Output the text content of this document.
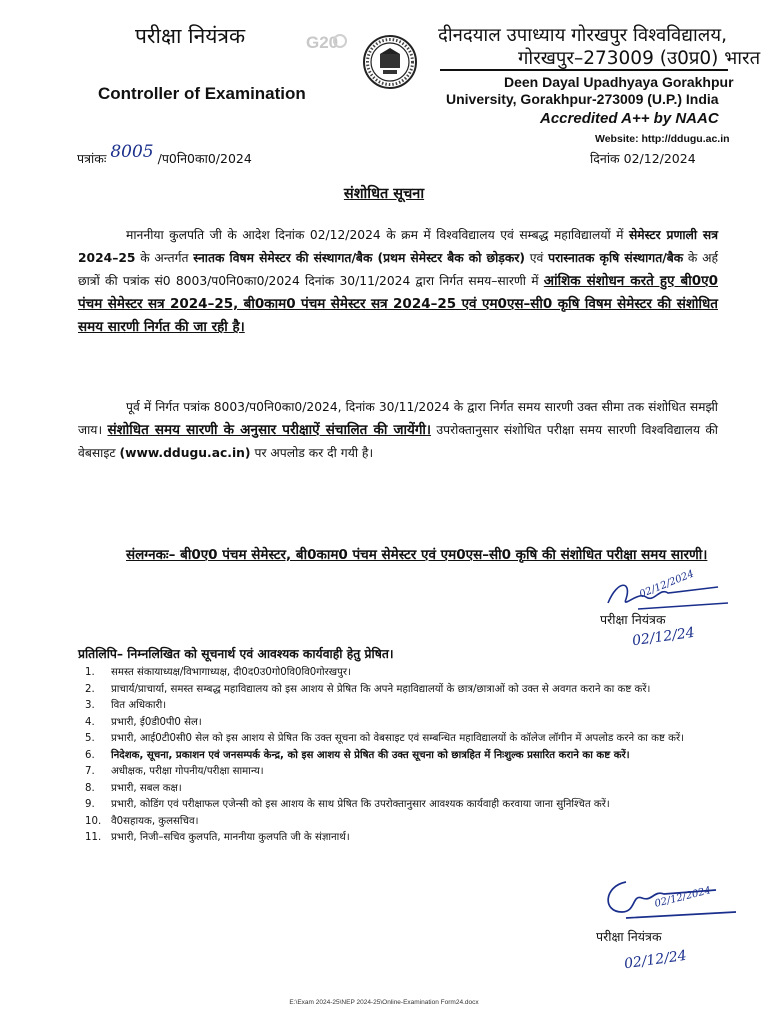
परीक्षा नियंत्रक	G20	दीनदयाल उपाध्याय गोरखपुर विश्वविद्यालय,
गोरखपुर–273009 (उ0प्र0) भारत
Controller of Examination
Deen Dayal Upadhyaya Gorakhpur
University, Gorakhpur-273009 (U.P.) India
Accredited A++ by NAAC
Website: http://ddugu.ac.in
पत्रांकः 8005 /प0नि0का0/2024	दिनांक 02/12/2024
संशोधित सूचना
माननीया कुलपति जी के आदेश दिनांक 02/12/2024 के क्रम में विश्वविद्यालय एवं सम्बद्ध महाविद्यालयों में सेमेस्टर प्रणाली सत्र 2024–25 के अन्तर्गत स्नातक विषम सेमेस्टर की संस्थागत/बैक (प्रथम सेमेस्टर बैक को छोड़कर) एवं परास्नातक कृषि संस्थागत/बैक के अर्ह छात्रों की पत्रांक सं0 8003/प0नि0का0/2024 दिनांक 30/11/2024 द्वारा निर्गत समय–सारणी में आंशिक संशोधन करते हुए बी0ए0 पंचम सेमेस्टर सत्र 2024–25, बी0काम0 पंचम सेमेस्टर सत्र 2024–25 एवं एम0एस–सी0 कृषि विषम सेमेस्टर की संशोधित समय सारणी निर्गत की जा रही है।
पूर्व में निर्गत पत्रांक 8003/प0नि0का0/2024, दिनांक 30/11/2024 के द्वारा निर्गत समय सारणी उक्त सीमा तक संशोधित समझी जाय। संशोधित समय सारणी के अनुसार परीक्षाऐं संचालित की जायेंगी। उपरोक्तानुसार संशोधित परीक्षा समय सारणी विश्वविद्यालय की वेबसाइट (www.ddugu.ac.in) पर अपलोड कर दी गयी है।
संलग्नकः– बी0ए0 पंचम सेमेस्टर, बी0काम0 पंचम सेमेस्टर एवं एम0एस–सी0 कृषि की संशोधित परीक्षा समय सारणी।
02/12/2024
परीक्षा नियंत्रक
02/12/24
प्रतिलिपि– निम्नलिखित को सूचनार्थ एवं आवश्यक कार्यवाही हेतु प्रेषित।
1. समस्त संकायाध्यक्ष/विभागाध्यक्ष, दी0द0उ0गो0वि0वि0गोरखपुर।
2. प्राचार्य/प्राचार्या, समस्त सम्बद्ध महाविद्यालय को इस आशय से प्रेषित कि अपने महाविद्यालयों के छात्र/छात्राओं को उक्त से अवगत कराने का कष्ट करें।
3. वित अधिकारी।
4. प्रभारी, ई0डी0पी0 सेल।
5. प्रभारी, आई0टी0सी0 सेल को इस आशय से प्रेषित कि उक्त सूचना को वेबसाइट एवं सम्बन्धित महाविद्यालयों के कॉलेज लॉगीन में अपलोड करने का कष्ट करें।
6. निदेशक, सूचना, प्रकाशन एवं जनसम्पर्क केन्द्र, को इस आशय से प्रेषित की उक्त सूचना को छात्रहित में निःशुल्क प्रसारित कराने का कष्ट करें।
7. अधीक्षक, परीक्षा गोपनीय/परीक्षा सामान्य।
8. प्रभारी, सबल कक्ष।
9. प्रभारी, कोडिंग एवं परीक्षाफल एजेन्सी को इस आशय के साथ प्रेषित कि उपरोक्तानुसार आवश्यक कार्यवाही करवाया जाना सुनिश्चित करें।
10. वै0सहायक, कुलसचिव।
11. प्रभारी, निजी–सचिव कुलपति, माननीया कुलपति जी के संज्ञानार्थ।
02/12/2024
परीक्षा नियंत्रक
02/12/24
E:\Exam 2024-25\NEP 2024-25\Online-Examination Form24.docx
